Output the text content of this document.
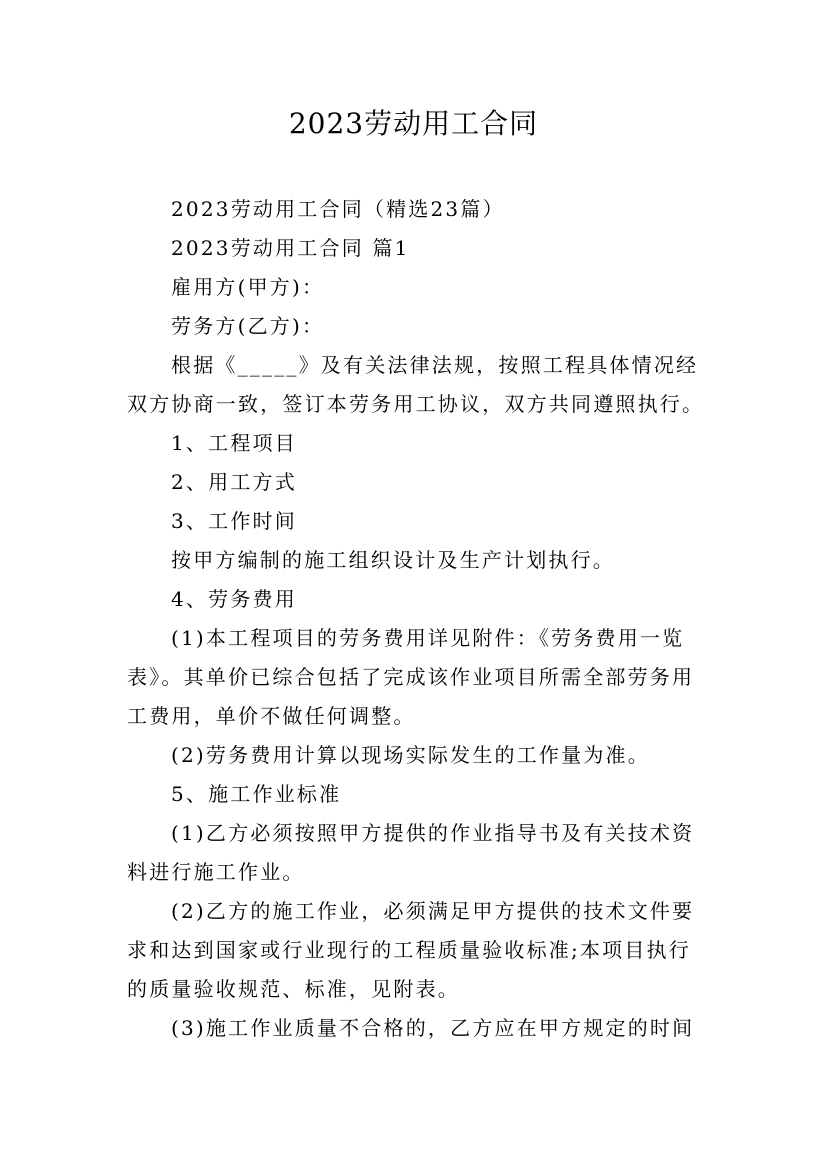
2023劳动用工合同

2023劳动用工合同（精选23篇）

2023劳动用工合同 篇1

雇用方(甲方)：

劳务方(乙方)：

根据《_____》及有关法律法规，按照工程具体情况经

双方协商一致，签订本劳务用工协议，双方共同遵照执行。

1、工程项目

2、用工方式

3、工作时间

按甲方编制的施工组织设计及生产计划执行。

4、劳务费用

(1)本工程项目的劳务费用详见附件：《劳务费用一览

表》。其单价已综合包括了完成该作业项目所需全部劳务用

工费用，单价不做任何调整。

(2)劳务费用计算以现场实际发生的工作量为准。

5、施工作业标准

(1)乙方必须按照甲方提供的作业指导书及有关技术资

料进行施工作业。

(2)乙方的施工作业，必须满足甲方提供的技术文件要

求和达到国家或行业现行的工程质量验收标准;本项目执行

的质量验收规范、标准，见附表。

(3)施工作业质量不合格的，乙方应在甲方规定的时间
